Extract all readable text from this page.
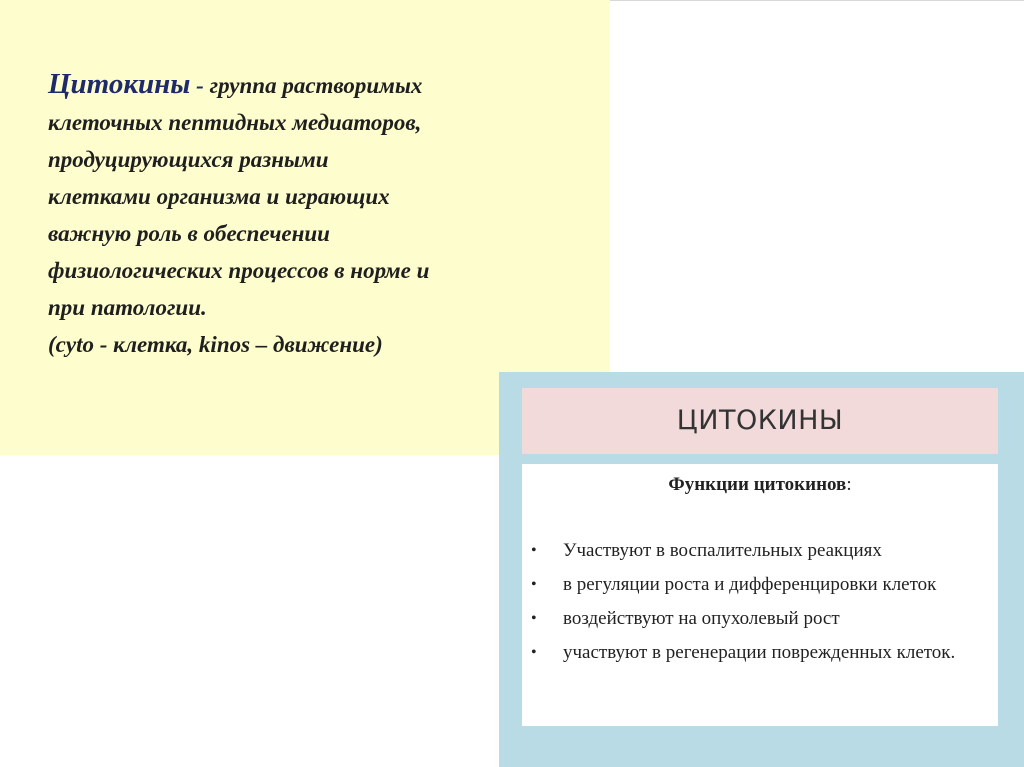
Цитокины - группа растворимых
клеточных пептидных медиаторов,
продуцирующихся разными
клетками организма и играющих
важную роль в обеспечении
физиологических процессов в норме и
при патологии.
(cyto - клетка, kinos – движение)
ЦИТОКИНЫ
Функции цитокинов:
• Участвуют в воспалительных реакциях
• в регуляции роста и дифференцировки клеток
• воздействуют на опухолевый рост
• участвуют в регенерации поврежденных клеток.
